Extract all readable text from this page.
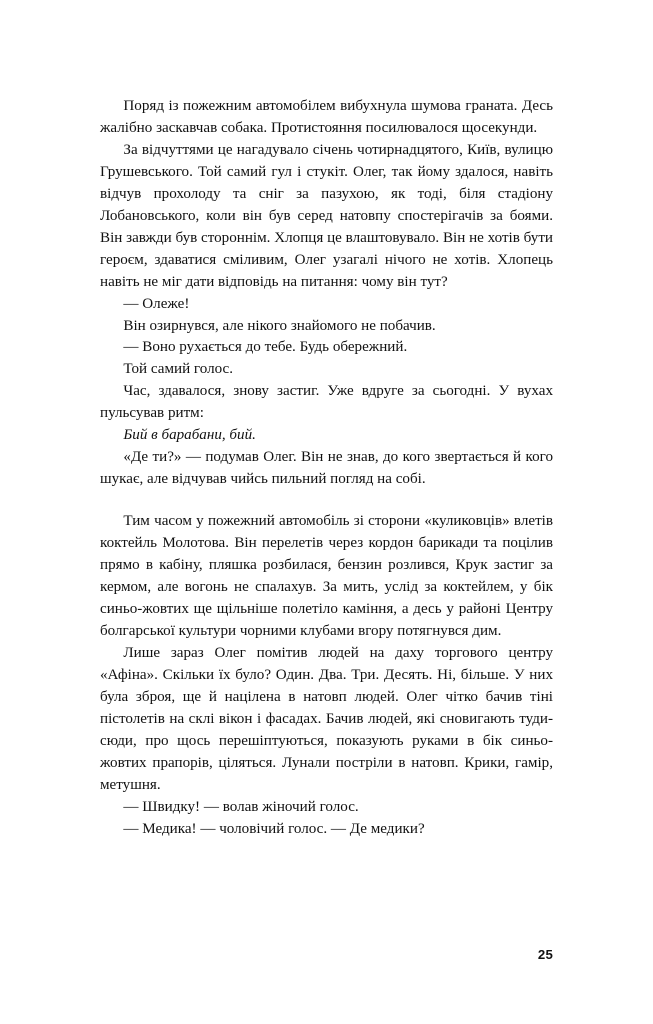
Поряд із пожежним автомобілем вибухнула шумова граната. Десь жалібно заскавчав собака. Протистояння посилювалося щосекунди.

За відчуттями це нагадувало січень чотирнадцятого, Київ, вулицю Грушевського. Той самий гул і стукіт. Олег, так йому здалося, навіть відчув прохолоду та сніг за пазухою, як тоді, біля стадіону Лобановського, коли він був серед натовпу спостерігачів за боями. Він завжди був стороннім. Хлопця це влаштовувало. Він не хотів бути героєм, здаватися сміливим, Олег узагалі нічого не хотів. Хлопець навіть не міг дати відповідь на питання: чому він тут?

— Олеже!

Він озирнувся, але нікого знайомого не побачив.

— Воно рухається до тебе. Будь обережний.

Той самий голос.

Час, здавалося, знову застиг. Уже вдруге за сьогодні. У вухах пульсував ритм:

Бий в барабани, бий.

«Де ти?» — подумав Олег. Він не знав, до кого звертається й кого шукає, але відчував чийсь пильний погляд на собі.

Тим часом у пожежний автомобіль зі сторони «куликовців» влетів коктейль Молотова. Він перелетів через кордон барикади та поцілив прямо в кабіну, пляшка розбилася, бензин розлився, Крук застиг за кермом, але вогонь не спалахув. За мить, услід за коктейлем, у бік синьо-жовтих ще щільніше полетіло каміння, а десь у районі Центру болгарської культури чорними клубами вгору потягнувся дим.

Лише зараз Олег помітив людей на даху торгового центру «Афіна». Скільки їх було? Один. Два. Три. Десять. Ні, більше. У них була зброя, ще й націлена в натовп людей. Олег чітко бачив тіні пістолетів на склі вікон і фасадах. Бачив людей, які сновигають туди-сюди, про щось перешіптуються, показують руками в бік синьо-жовтих прапорів, ціляться. Лунали постріли в натовп. Крики, гамір, метушня.

— Швидку! — волав жіночий голос.

— Медика! — чоловічий голос. — Де медики?

25
